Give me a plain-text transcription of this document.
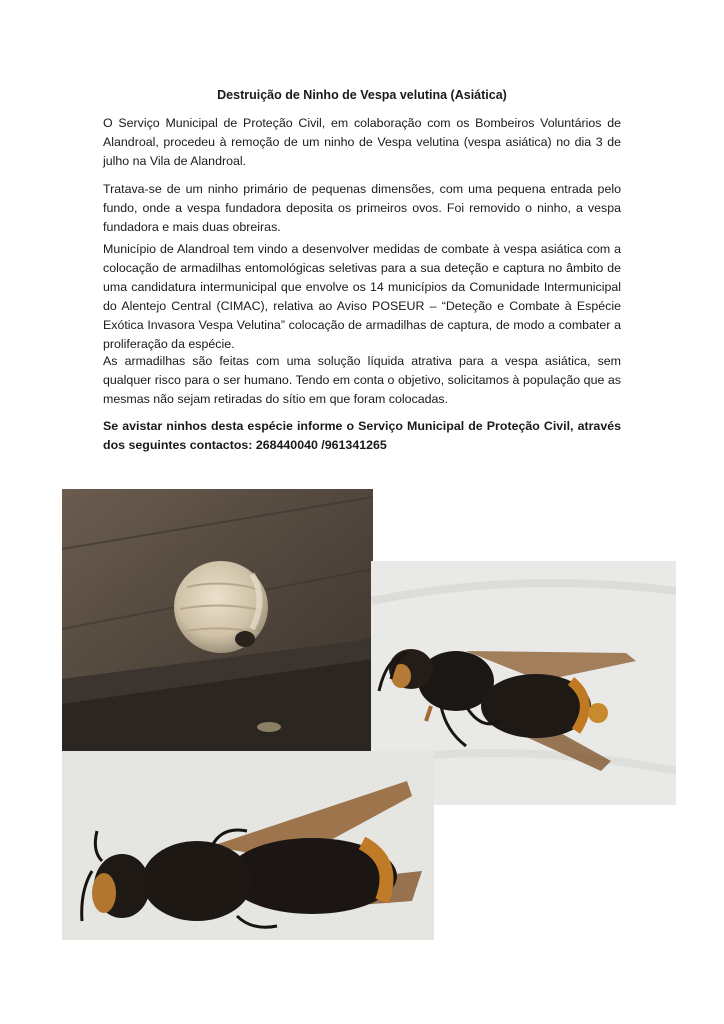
Destruição de Ninho de Vespa velutina (Asiática)

O Serviço Municipal de Proteção Civil, em colaboração com os Bombeiros Voluntários de Alandroal, procedeu à remoção de um ninho de Vespa velutina (vespa asiática) no dia 3 de julho na Vila de Alandroal.

Tratava-se de um ninho primário de pequenas dimensões, com uma pequena entrada pelo fundo, onde a vespa fundadora deposita os primeiros ovos. Foi removido o ninho, a vespa fundadora e mais duas obreiras.

Município de Alandroal tem vindo a desenvolver medidas de combate à vespa asiática com a colocação de armadilhas entomológicas seletivas para a sua deteção e captura no âmbito de uma candidatura intermunicipal que envolve os 14 municípios da Comunidade Intermunicipal do Alentejo Central (CIMAC), relativa ao Aviso POSEUR – “Deteção e Combate à Espécie Exótica Invasora Vespa Velutina” colocação de armadilhas de captura, de modo a combater a proliferação da espécie.

As armadilhas são feitas com uma solução líquida atrativa para a vespa asiática, sem qualquer risco para o ser humano. Tendo em conta o objetivo, solicitamos à população que as mesmas não sejam retiradas do sítio em que foram colocadas.

Se avistar ninhos desta espécie informe o Serviço Municipal de Proteção Civil, através dos seguintes contactos: 268440040 /961341265
